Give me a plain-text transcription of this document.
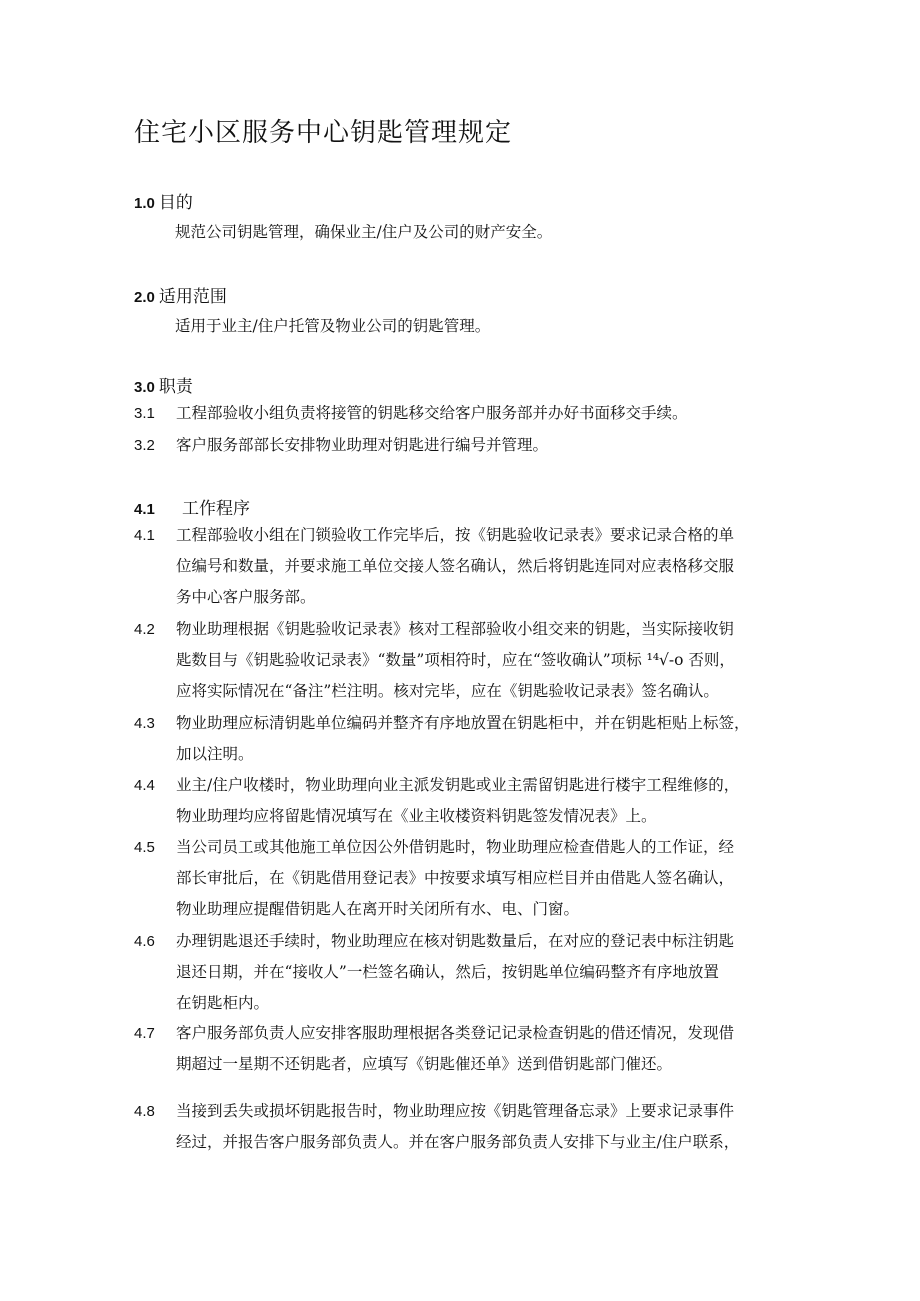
住宅小区服务中心钥匙管理规定
1.0 目的
规范公司钥匙管理，确保业主/住户及公司的财产安全。
2.0 适用范围
适用于业主/住户托管及物业公司的钥匙管理。
3.0 职责
3.1 工程部验收小组负责将接管的钥匙移交给客户服务部并办好书面移交手续。
3.2 客户服务部部长安排物业助理对钥匙进行编号并管理。
4.1 工作程序
4.1 工程部验收小组在门锁验收工作完毕后，按《钥匙验收记录表》要求记录合格的单
位编号和数量，并要求施工单位交接人签名确认，然后将钥匙连同对应表格移交服
务中心客户服务部。
4.2 物业助理根据《钥匙验收记录表》核对工程部验收小组交来的钥匙，当实际接收钥
匙数目与《钥匙验收记录表》“数量”项相符时，应在“签收确认”项标 ¹⁴√-o 否则，
应将实际情况在“备注”栏注明。核对完毕，应在《钥匙验收记录表》签名确认。
4.3 物业助理应标清钥匙单位编码并整齐有序地放置在钥匙柜中，并在钥匙柜贴上标签，
加以注明。
4.4 业主/住户收楼时，物业助理向业主派发钥匙或业主需留钥匙进行楼宇工程维修的，
物业助理均应将留匙情况填写在《业主收楼资料钥匙签发情况表》上。
4.5 当公司员工或其他施工单位因公外借钥匙时，物业助理应检查借匙人的工作证，经
部长审批后，在《钥匙借用登记表》中按要求填写相应栏目并由借匙人签名确认，
物业助理应提醒借钥匙人在离开时关闭所有水、电、门窗。
4.6 办理钥匙退还手续时，物业助理应在核对钥匙数量后，在对应的登记表中标注钥匙
退还日期，并在“接收人”一栏签名确认，然后，按钥匙单位编码整齐有序地放置
在钥匙柜内。
4.7 客户服务部负责人应安排客服助理根据各类登记记录检查钥匙的借还情况，发现借
期超过一星期不还钥匙者，应填写《钥匙催还单》送到借钥匙部门催还。
4.8 当接到丢失或损坏钥匙报告时，物业助理应按《钥匙管理备忘录》上要求记录事件
经过，并报告客户服务部负责人。并在客户服务部负责人安排下与业主/住户联系，
